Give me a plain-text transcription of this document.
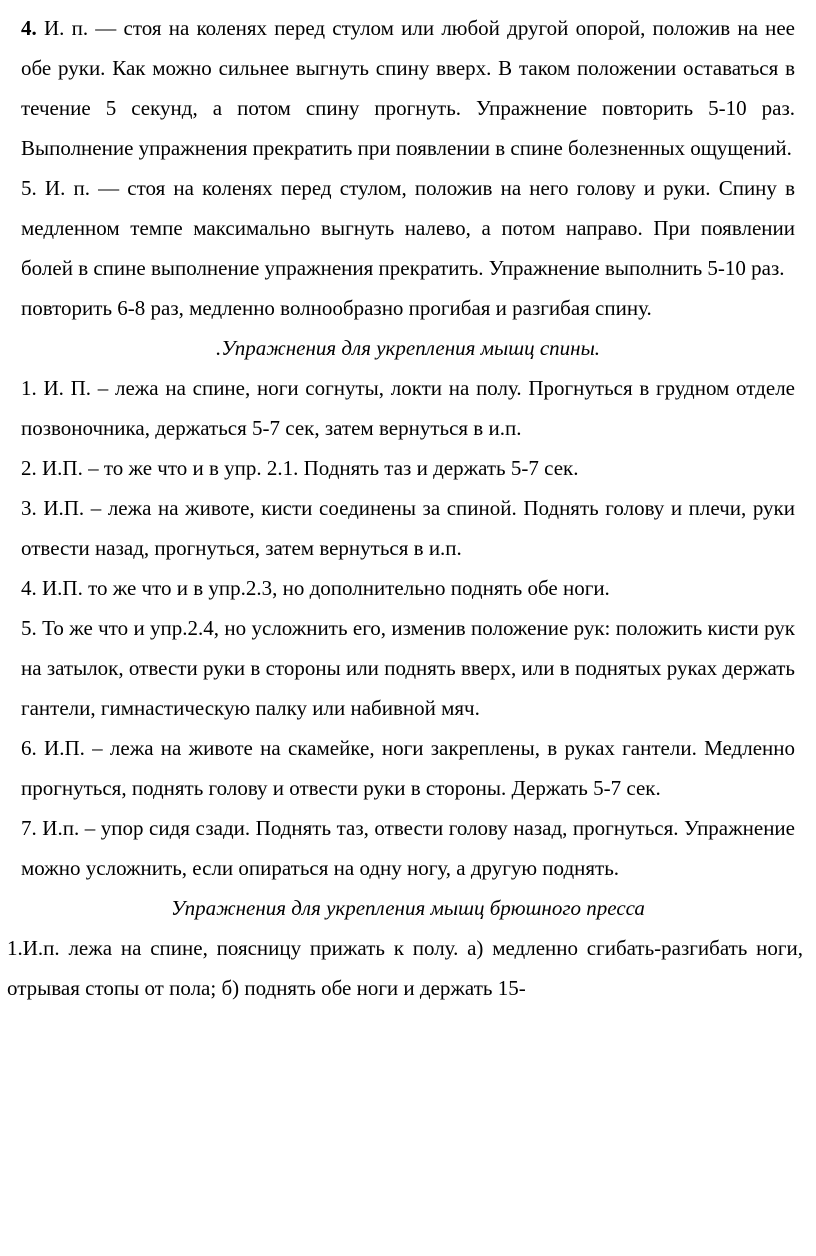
4. И. п. — стоя на коленях перед стулом или любой другой опорой, положив на нее обе руки. Как можно сильнее выгнуть спину вверх. В таком положении оставаться в течение 5 секунд, а потом спину прогнуть. Упражнение повторить 5-10 раз. Выполнение упражнения прекратить при появлении в спине болезненных ощущений.

5. И. п. — стоя на коленях перед стулом, положив на него голову и руки. Спину в медленном темпе максимально выгнуть налево, а потом направо. При появлении болей в спине выполнение упражнения прекратить. Упражнение выполнить 5-10 раз.

повторить 6-8 раз, медленно волнообразно прогибая и разгибая спину.

.Упражнения для укрепления мышц спины.

1. И. П. – лежа на спине, ноги согнуты, локти на полу. Прогнуться в грудном отделе позвоночника, держаться 5-7 сек, затем вернуться в и.п.

2. И.П. – то же что и в упр. 2.1. Поднять таз и держать 5-7 сек.

3. И.П. – лежа на животе, кисти соединены за спиной. Поднять голову и плечи, руки отвести назад, прогнуться, затем вернуться в и.п.

4. И.П. то же что и в упр.2.3, но дополнительно поднять обе ноги.

5. То же что и упр.2.4, но усложнить его, изменив положение рук: положить кисти рук на затылок, отвести руки в стороны или поднять вверх, или в поднятых руках держать гантели, гимнастическую палку или набивной мяч.

6. И.П. – лежа на животе на скамейке, ноги закреплены, в руках гантели. Медленно прогнуться, поднять голову и отвести руки в стороны. Держать 5-7 сек.

7. И.п. – упор сидя сзади. Поднять таз, отвести голову назад, прогнуться. Упражнение можно усложнить, если опираться на одну ногу, а другую поднять.

Упражнения для укрепления мышц брюшного пресса

1.И.п. лежа на спине, поясницу прижать к полу. а) медленно сгибать-разгибать ноги, отрывая стопы от пола; б) поднять обе ноги и держать 15-
